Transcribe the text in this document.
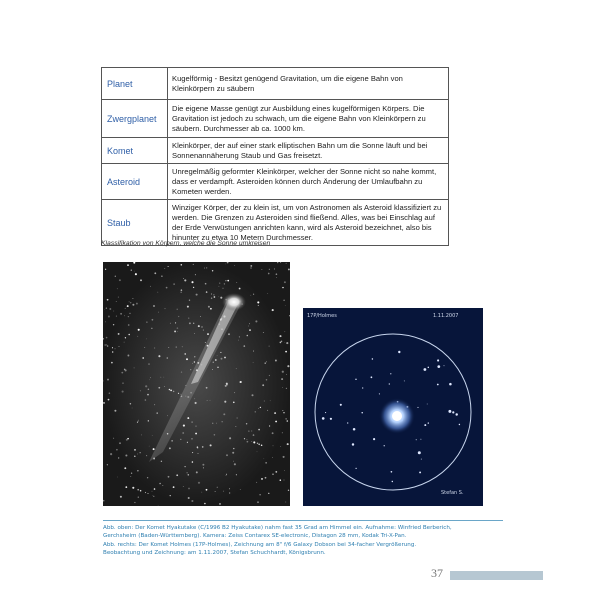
Planet	Kugelförmig - Besitzt genügend Gravitation, um die eigene Bahn von Kleinkörpern zu säubern
Zwergplanet	Die eigene Masse genügt zur Ausbildung eines kugelförmigen Körpers. Die Gravitation ist jedoch zu schwach, um die eigene Bahn von Kleinkörpern zu säubern. Durchmesser ab ca. 1000 km.
Komet	Kleinkörper, der auf einer stark elliptischen Bahn um die Sonne läuft und bei Sonnenannäherung Staub und Gas freisetzt.
Asteroid	Unregelmäßig geformter Kleinkörper, welcher der Sonne nicht so nahe kommt, dass er verdampft. Asteroiden können durch Änderung der Umlaufbahn zu Kometen werden.
Staub	Winziger Körper, der zu klein ist, um von Astronomen als Asteroid klassifiziert zu werden. Die Grenzen zu Asteroiden sind fließend. Alles, was bei Einschlag auf der Erde Verwüstungen anrichten kann, wird als Asteroid bezeichnet, also bis hinunter zu etwa 10 Metern Durchmesser.
Klassifikation von Körpern, welche die Sonne umkreisen
17P/Holmes	1.11.2007
Stefan S.
Abb. oben: Der Komet Hyakutake (C/1996 B2 Hyakutake) nahm fast 35 Grad am Himmel ein. Aufnahme: Winfried Berberich,
Gerchsheim (Baden-Württemberg). Kamera: Zeiss Contarex SE-electronic, Distagon 28 mm, Kodak Tri-X-Pan.
Abb. rechts: Der Komet Holmes (17P-Holmes), Zeichnung am 8" f/6 Galaxy Dobson bei 34-facher Vergrößerung.
Beobachtung und Zeichnung: am 1.11.2007, Stefan Schuchhardt, Königsbrunn.
37
